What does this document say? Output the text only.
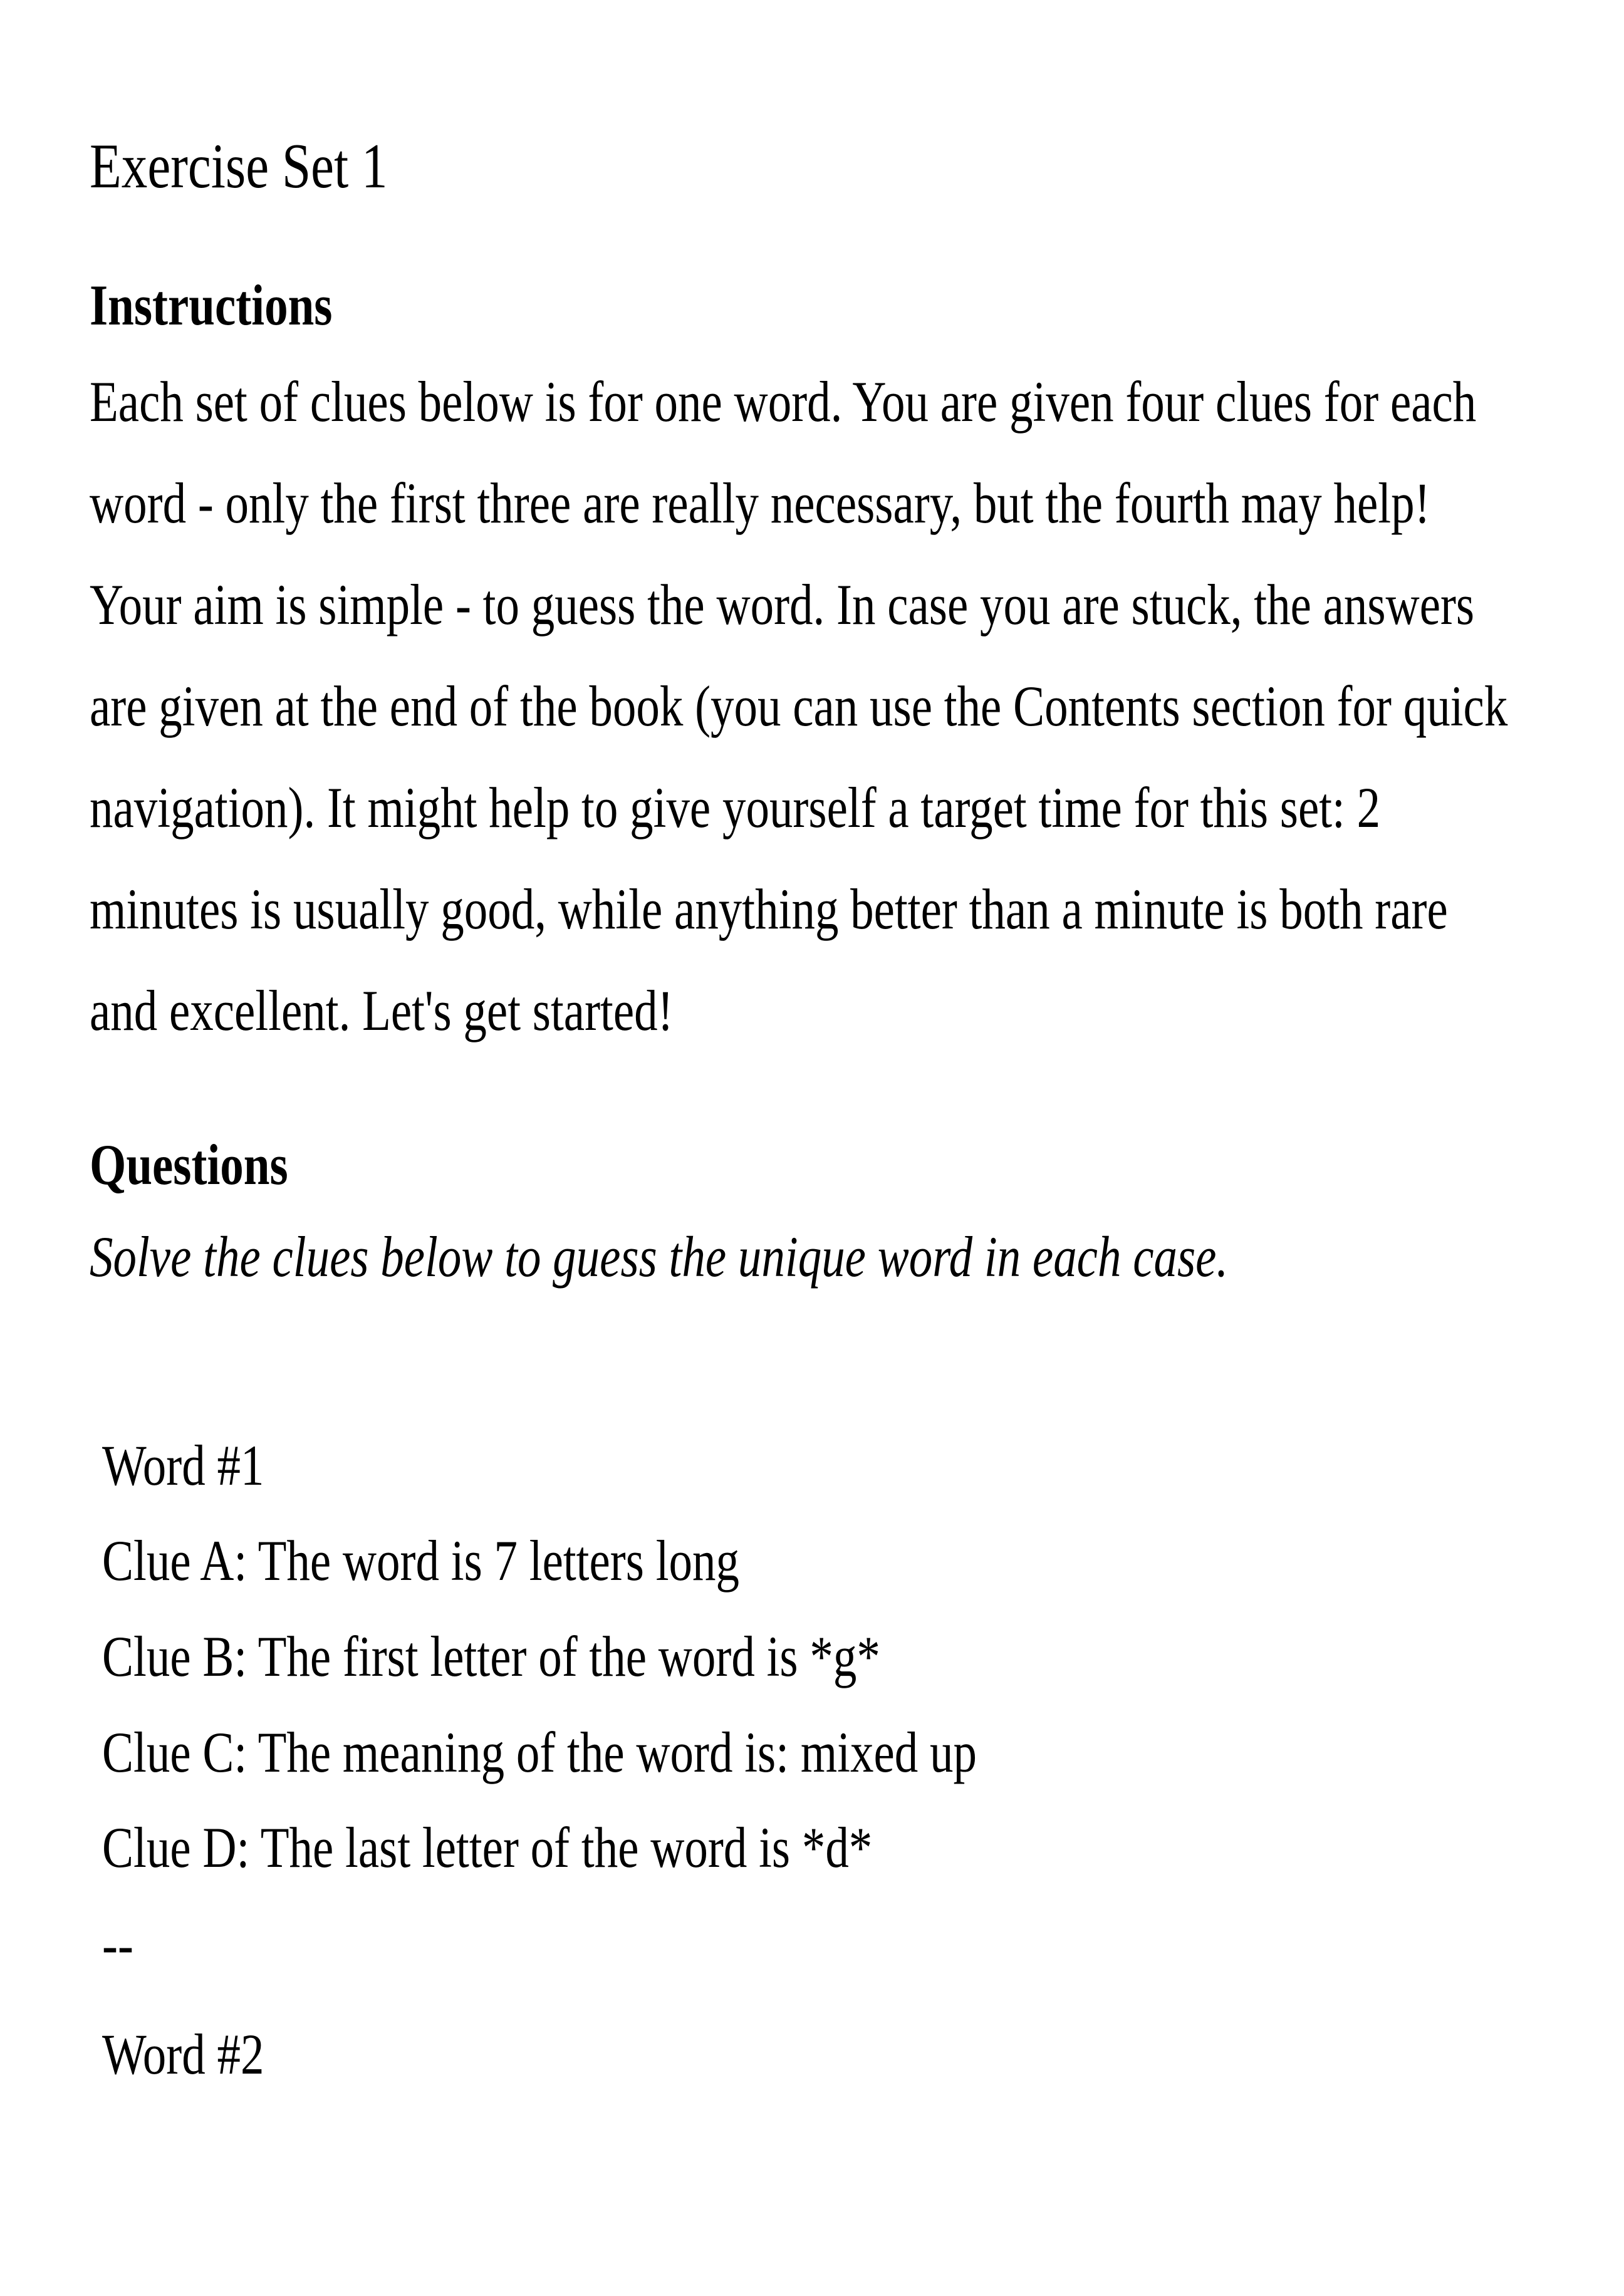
Exercise Set 1
Instructions
Each set of clues below is for one word. You are given four clues for each
word - only the first three are really necessary, but the fourth may help!
Your aim is simple - to guess the word. In case you are stuck, the answers
are given at the end of the book (you can use the Contents section for quick
navigation). It might help to give yourself a target time for this set: 2
minutes is usually good, while anything better than a minute is both rare
and excellent. Let's get started!
Questions
Solve the clues below to guess the unique word in each case.
Word #1
Clue A: The word is 7 letters long
Clue B: The first letter of the word is *g*
Clue C: The meaning of the word is: mixed up
Clue D: The last letter of the word is *d*
--
Word #2
